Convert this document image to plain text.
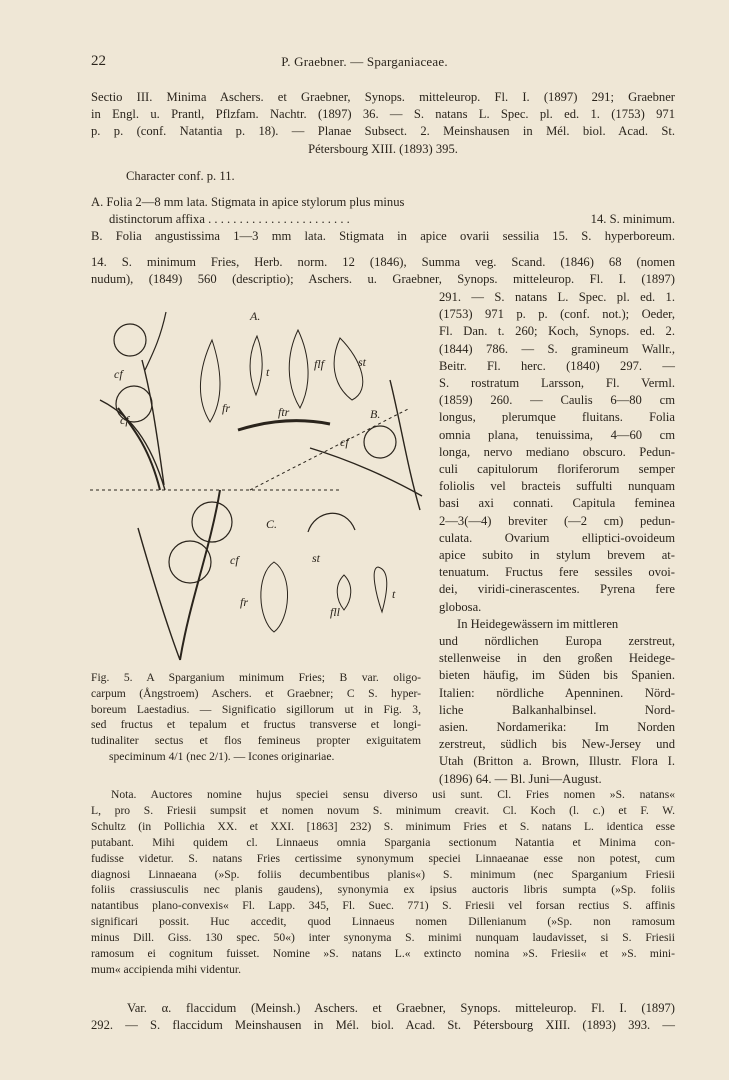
22	P. Graebner. — Sparganiaceae.
Sectio III. Minima Aschers. et Graebner, Synops. mitteleurop. Fl. I. (1897) 291; Graebner
in Engl. u. Prantl, Pflzfam. Nachtr. (1897) 36. — S. natans L. Spec. pl. ed. 1. (1753) 971
p. p. (conf. Natantia p. 18). — Planae Subsect. 2. Meinshausen in Mél. biol. Acad. St.
Pétersbourg XIII. (1893) 395.
Character conf. p. 11.
A. Folia 2—8 mm lata. Stigmata in apice stylorum plus minus
distinctorum affixa . . . . . . . . . . . . . . . . . . . . . . .	14. S. minimum.
B. Folia angustissima 1—3 mm lata. Stigmata in apice ovarii sessilia 15. S. hyperboreum.
14. S. minimum Fries, Herb. norm. 12 (1846), Summa veg. Scand. (1846) 68 (nomen
nudum), (1849) 560 (descriptio); Aschers. u. Graebner, Synops. mitteleurop. Fl. I. (1897)
291. — S. natans L. Spec. pl. ed. 1.
(1753) 971 p. p. (conf. not.); Oeder,
Fl. Dan. t. 260; Koch, Synops. ed. 2.
(1844) 786. — S. gramineum Wallr.,
Beitr. Fl. herc. (1840) 297. —
S. rostratum Larsson, Fl. Verml.
(1859) 260. — Caulis 6—80 cm
longus, plerumque fluitans. Folia
omnia plana, tenuissima, 4—60 cm
longa, nervo mediano obscuro. Pedun-
culi capitulorum floriferorum semper
foliolis vel bracteis suffulti nunquam
basi axi connati. Capitula feminea
2—3(—4) breviter (—2 cm) pedun-
culata. Ovarium elliptici-ovoideum
apice subito in stylum brevem at-
tenuatum. Fructus fere sessiles ovoi-
dei, viridi-cinerascentes. Pyrena fere
globosa.
In Heidegewässern im mittleren
und nördlichen Europa zerstreut,
stellenweise in den großen Heidege-
bieten häufig, im Süden bis Spanien.
Italien: nördliche Apenninen. Nörd-
liche Balkanhalbinsel. Nord-
asien. Nordamerika: Im Norden
zerstreut, südlich bis New-Jersey und
Utah (Britton a. Brown, Illustr. Flora I.
(1896) 64. — Bl. Juni—August.
A.
B.
C.
cf
cf
cf
cf
fr
fr
t
t
flf	st
st
ftr
fll
Fig. 5. A Sparganium minimum Fries; B var. oligo-
carpum (Ångstroem) Aschers. et Graebner; C S. hyper-
boreum Laestadius. — Significatio sigillorum ut in Fig. 3,
sed fructus et tepalum et fructus transverse et longi-
tudinaliter sectus et flos femineus propter exiguitatem
speciminum 4/1 (nec 2/1). — Icones originariae.
Nota. Auctores nomine hujus speciei sensu diverso usi sunt. Cl. Fries nomen »S. natans«
L, pro S. Friesii sumpsit et nomen novum S. minimum creavit. Cl. Koch (l. c.) et F. W.
Schultz (in Pollichia XX. et XXI. [1863] 232) S. minimum Fries et S. natans L. identica esse
putabant. Mihi quidem cl. Linnaeus omnia Sparganiа sectionum Natantia et Minima con-
fudisse videtur. S. natans Fries certissime synonymum speciei Linnaeanae esse non potest, cum
diagnosi Linnaeana (»Sp. foliis decumbentibus planis«) S. minimum (nec Sparganium Friesii
foliis crassiusculis nec planis gaudens), synonymia ex ipsius auctoris libris sumpta (»Sp. foliis
natantibus plano-convexis« Fl. Lapp. 345, Fl. Suec. 771) S. Friesii vel forsan rectius S. affinis
significari possit. Huc accedit, quod Linnaeus nomen Dillenianum (»Sp. non ramosum
minus Dill. Giss. 130 spec. 50«) inter synonyma S. minimi nunquam laudavisset, si S. Friesii
ramosum ei cognitum fuisset. Nomine »S. natans L.« extincto nomina »S. Friesii« et »S. mini-
mum« accipienda mihi videntur.
Var. α. flaccidum (Meinsh.) Aschers. et Graebner, Synops. mitteleurop. Fl. I. (1897)
292. — S. flaccidum Meinshausen in Mél. biol. Acad. St. Pétersbourg XIII. (1893) 393. —
